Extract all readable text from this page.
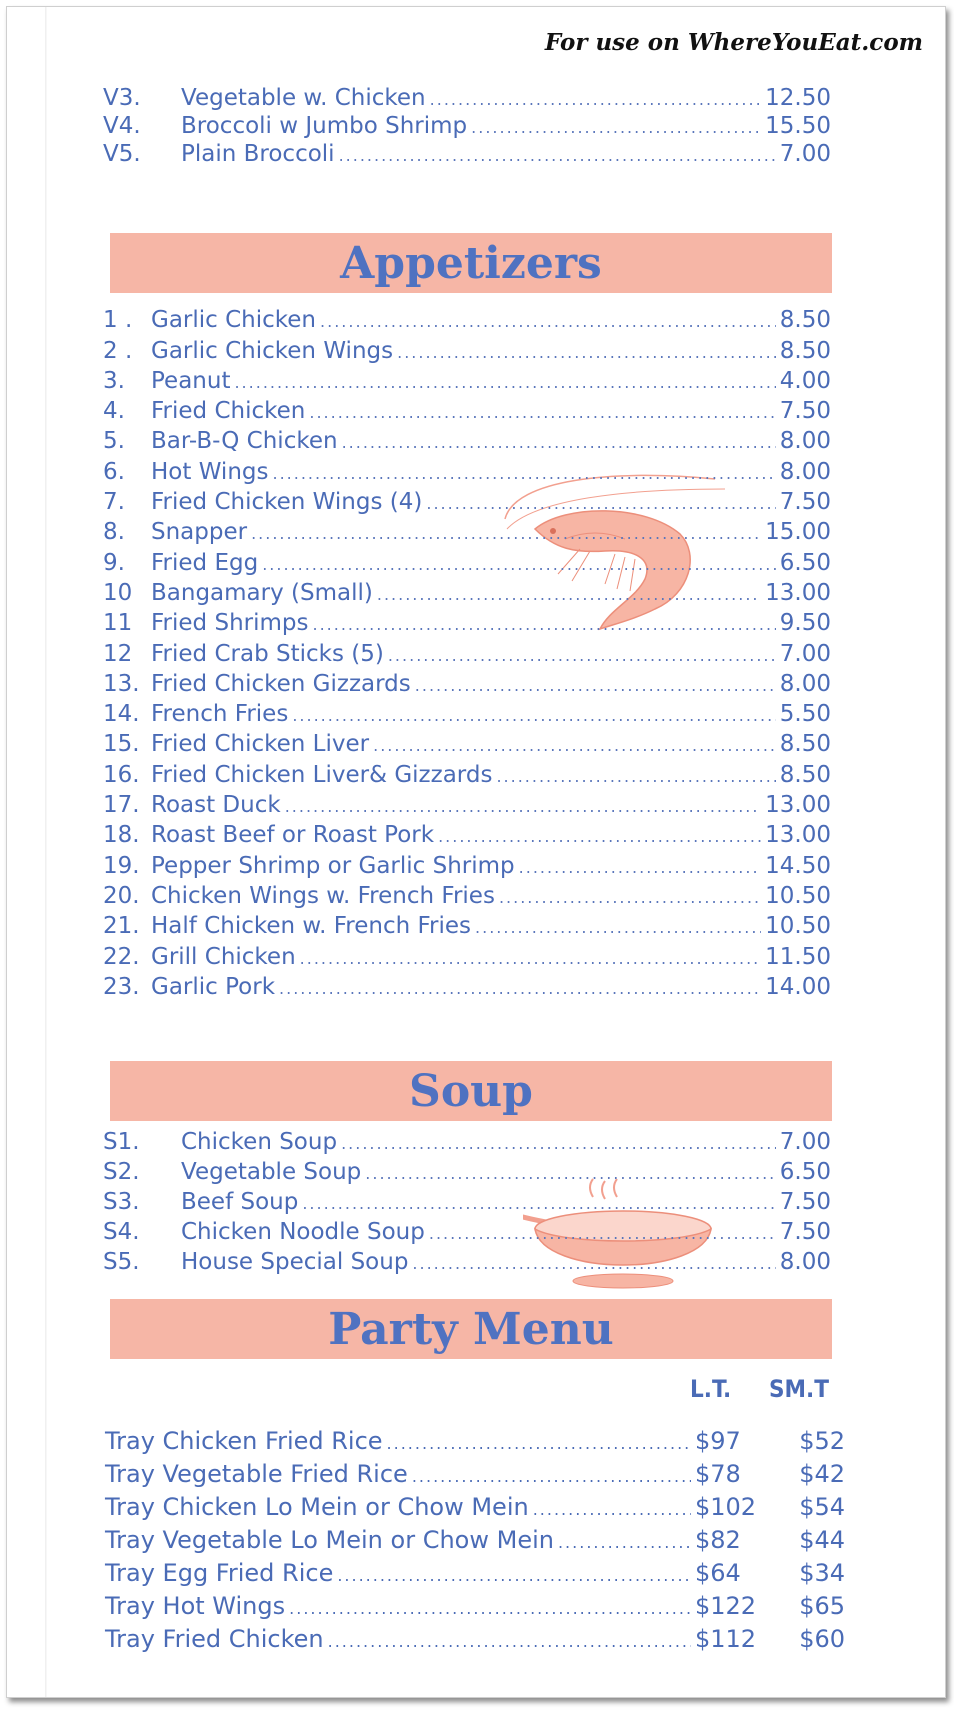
For use on WhereYouEat.com
V3.	Vegetable w. Chicken .....	12.50
V4.	Broccoli w Jumbo Shrimp .....	15.50
V5.	Plain Broccoli .....	7.00
Appetizers
1 . Garlic Chicken .....	8.50
2 . Garlic Chicken Wings .....	8.50
3.	Peanut .....	4.00
4.	Fried Chicken .....	7.50
5.	Bar-B-Q Chicken .....	8.00
6.	Hot Wings .....	8.00
7.	Fried Chicken Wings (4) .....	7.50
8.	Snapper .....	15.00
9.	Fried Egg .....	6.50
10 Bangamary (Small) .....	13.00
11 Fried Shrimps .....	9.50
12 Fried Crab Sticks (5) .....	7.00
13. Fried Chicken Gizzards .....	8.00
14. French Fries .....	5.50
15. Fried Chicken Liver .....	8.50
16. Fried Chicken Liver& Gizzards .....	8.50
17. Roast Duck .....	13.00
18. Roast Beef or Roast Pork .....	13.00
19. Pepper Shrimp or Garlic Shrimp .....	14.50
20. Chicken Wings w. French Fries .....	10.50
21. Half Chicken w. French Fries .....	10.50
22. Grill Chicken .....	11.50
23. Garlic Pork .....	14.00
Soup
S1.	Chicken Soup .....	7.00
S2.	Vegetable Soup .....	6.50
S3.	Beef Soup .....	7.50
S4.	Chicken Noodle Soup .....	7.50
S5.	House Special Soup .....	8.00
Party Menu
L.T. SM.T
Tray Chicken Fried Rice .....	$97	$52
Tray Vegetable Fried Rice .....	$78	$42
Tray Chicken Lo Mein or Chow Mein .....	$102	$54
Tray Vegetable Lo Mein or Chow Mein .....	$82	$44
Tray Egg Fried Rice .....	$64	$34
Tray Hot Wings .....	$122	$65
Tray Fried Chicken .....	$112	$60
